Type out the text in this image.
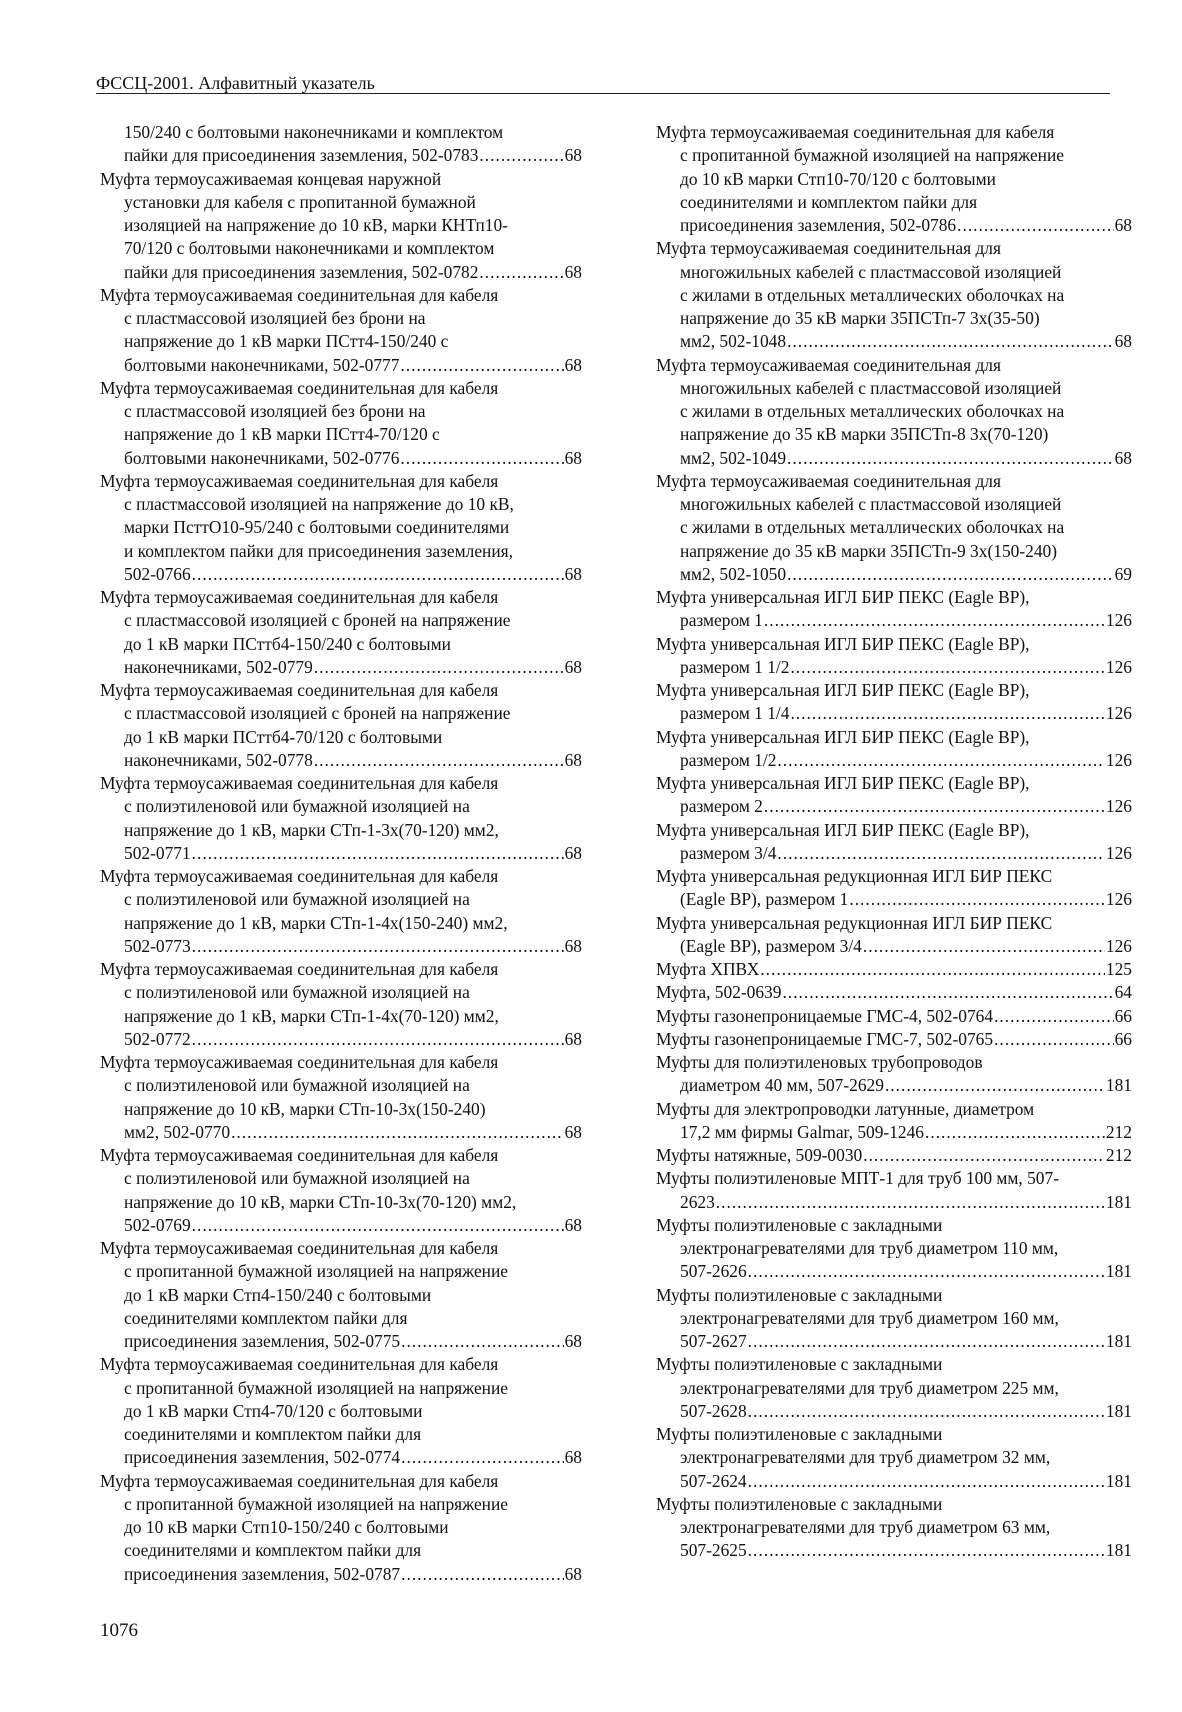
ФССЦ-2001. Алфавитный указатель
150/240 с болтовыми наконечниками и комплектом
пайки для присоединения заземления, 502-0783 .....	68
Муфта термоусаживаемая концевая наружной
установки для кабеля с пропитанной бумажной
изоляцией на напряжение до 10 кВ, марки КНТп10-
70/120 с болтовыми наконечниками и комплектом
пайки для присоединения заземления, 502-0782 .....	68
Муфта термоусаживаемая соединительная для кабеля
с пластмассовой изоляцией без брони на
напряжение до 1 кВ марки ПСтт4-150/240 с
болтовыми наконечниками, 502-0777 .....	68
Муфта термоусаживаемая соединительная для кабеля
с пластмассовой изоляцией без брони на
напряжение до 1 кВ марки ПСтт4-70/120 с
болтовыми наконечниками, 502-0776 .....	68
Муфта термоусаживаемая соединительная для кабеля
с пластмассовой изоляцией на напряжение до 10 кВ,
марки ПсттО10-95/240 с болтовыми соединителями
и комплектом пайки для присоединения заземления,
502-0766 .....	68
Муфта термоусаживаемая соединительная для кабеля
с пластмассовой изоляцией с броней на напряжение
до 1 кВ марки ПСттб4-150/240 с болтовыми
наконечниками, 502-0779 .....	68
Муфта термоусаживаемая соединительная для кабеля
с пластмассовой изоляцией с броней на напряжение
до 1 кВ марки ПСттб4-70/120 с болтовыми
наконечниками, 502-0778 .....	68
Муфта термоусаживаемая соединительная для кабеля
с полиэтиленовой или бумажной изоляцией на
напряжение до 1 кВ, марки СТп-1-3х(70-120) мм2,
502-0771 .....	68
Муфта термоусаживаемая соединительная для кабеля
с полиэтиленовой или бумажной изоляцией на
напряжение до 1 кВ, марки СТп-1-4х(150-240) мм2,
502-0773 .....	68
Муфта термоусаживаемая соединительная для кабеля
с полиэтиленовой или бумажной изоляцией на
напряжение до 1 кВ, марки СТп-1-4х(70-120) мм2,
502-0772 .....	68
Муфта термоусаживаемая соединительная для кабеля
с полиэтиленовой или бумажной изоляцией на
напряжение до 10 кВ, марки СТп-10-3х(150-240)
мм2, 502-0770 .....	68
Муфта термоусаживаемая соединительная для кабеля
с полиэтиленовой или бумажной изоляцией на
напряжение до 10 кВ, марки СТп-10-3х(70-120) мм2,
502-0769 .....	68
Муфта термоусаживаемая соединительная для кабеля
с пропитанной бумажной изоляцией на напряжение
до 1 кВ марки Стп4-150/240 с болтовыми
соединителями комплектом пайки для
присоединения заземления, 502-0775 .....	68
Муфта термоусаживаемая соединительная для кабеля
с пропитанной бумажной изоляцией на напряжение
до 1 кВ марки Стп4-70/120 с болтовыми
соединителями и комплектом пайки для
присоединения заземления, 502-0774 .....	68
Муфта термоусаживаемая соединительная для кабеля
с пропитанной бумажной изоляцией на напряжение
до 10 кВ марки Стп10-150/240 с болтовыми
соединителями и комплектом пайки для
присоединения заземления, 502-0787 .....	68
Муфта термоусаживаемая соединительная для кабеля
с пропитанной бумажной изоляцией на напряжение
до 10 кВ марки Стп10-70/120 с болтовыми
соединителями и комплектом пайки для
присоединения заземления, 502-0786 .....	68
Муфта термоусаживаемая соединительная для
многожильных кабелей с пластмассовой изоляцией
с жилами в отдельных металлических оболочках на
напряжение до 35 кВ марки 35ПСТп-7 3х(35-50)
мм2, 502-1048 .....	68
Муфта термоусаживаемая соединительная для
многожильных кабелей с пластмассовой изоляцией
с жилами в отдельных металлических оболочках на
напряжение до 35 кВ марки 35ПСТп-8 3х(70-120)
мм2, 502-1049 .....	68
Муфта термоусаживаемая соединительная для
многожильных кабелей с пластмассовой изоляцией
с жилами в отдельных металлических оболочках на
напряжение до 35 кВ марки 35ПСТп-9 3х(150-240)
мм2, 502-1050 .....	69
Муфта универсальная ИГЛ БИР ПЕКС (Eagle BP),
размером 1 .....	126
Муфта универсальная ИГЛ БИР ПЕКС (Eagle BP),
размером 1 1/2 .....	126
Муфта универсальная ИГЛ БИР ПЕКС (Eagle BP),
размером 1 1/4 .....	126
Муфта универсальная ИГЛ БИР ПЕКС (Eagle BP),
размером 1/2 .....	126
Муфта универсальная ИГЛ БИР ПЕКС (Eagle BP),
размером 2 .....	126
Муфта универсальная ИГЛ БИР ПЕКС (Eagle BP),
размером 3/4 .....	126
Муфта универсальная редукционная ИГЛ БИР ПЕКС
(Eagle BP), размером 1 .....	126
Муфта универсальная редукционная ИГЛ БИР ПЕКС
(Eagle BP), размером 3/4 .....	126
Муфта ХПВХ .....	125
Муфта, 502-0639 .....	64
Муфты газонепроницаемые ГМС-4, 502-0764 .....	66
Муфты газонепроницаемые ГМС-7, 502-0765 .....	66
Муфты для полиэтиленовых трубопроводов
диаметром 40 мм, 507-2629 .....	181
Муфты для электропроводки латунные, диаметром
17,2 мм фирмы Galmar, 509-1246 .....	212
Муфты натяжные, 509-0030 .....	212
Муфты полиэтиленовые МПТ-1 для труб 100 мм, 507-
2623 .....	181
Муфты полиэтиленовые с закладными
электронагревателями для труб диаметром 110 мм,
507-2626 .....	181
Муфты полиэтиленовые с закладными
электронагревателями для труб диаметром 160 мм,
507-2627 .....	181
Муфты полиэтиленовые с закладными
электронагревателями для труб диаметром 225 мм,
507-2628 .....	181
Муфты полиэтиленовые с закладными
электронагревателями для труб диаметром 32 мм,
507-2624 .....	181
Муфты полиэтиленовые с закладными
электронагревателями для труб диаметром 63 мм,
507-2625 .....	181
1076
